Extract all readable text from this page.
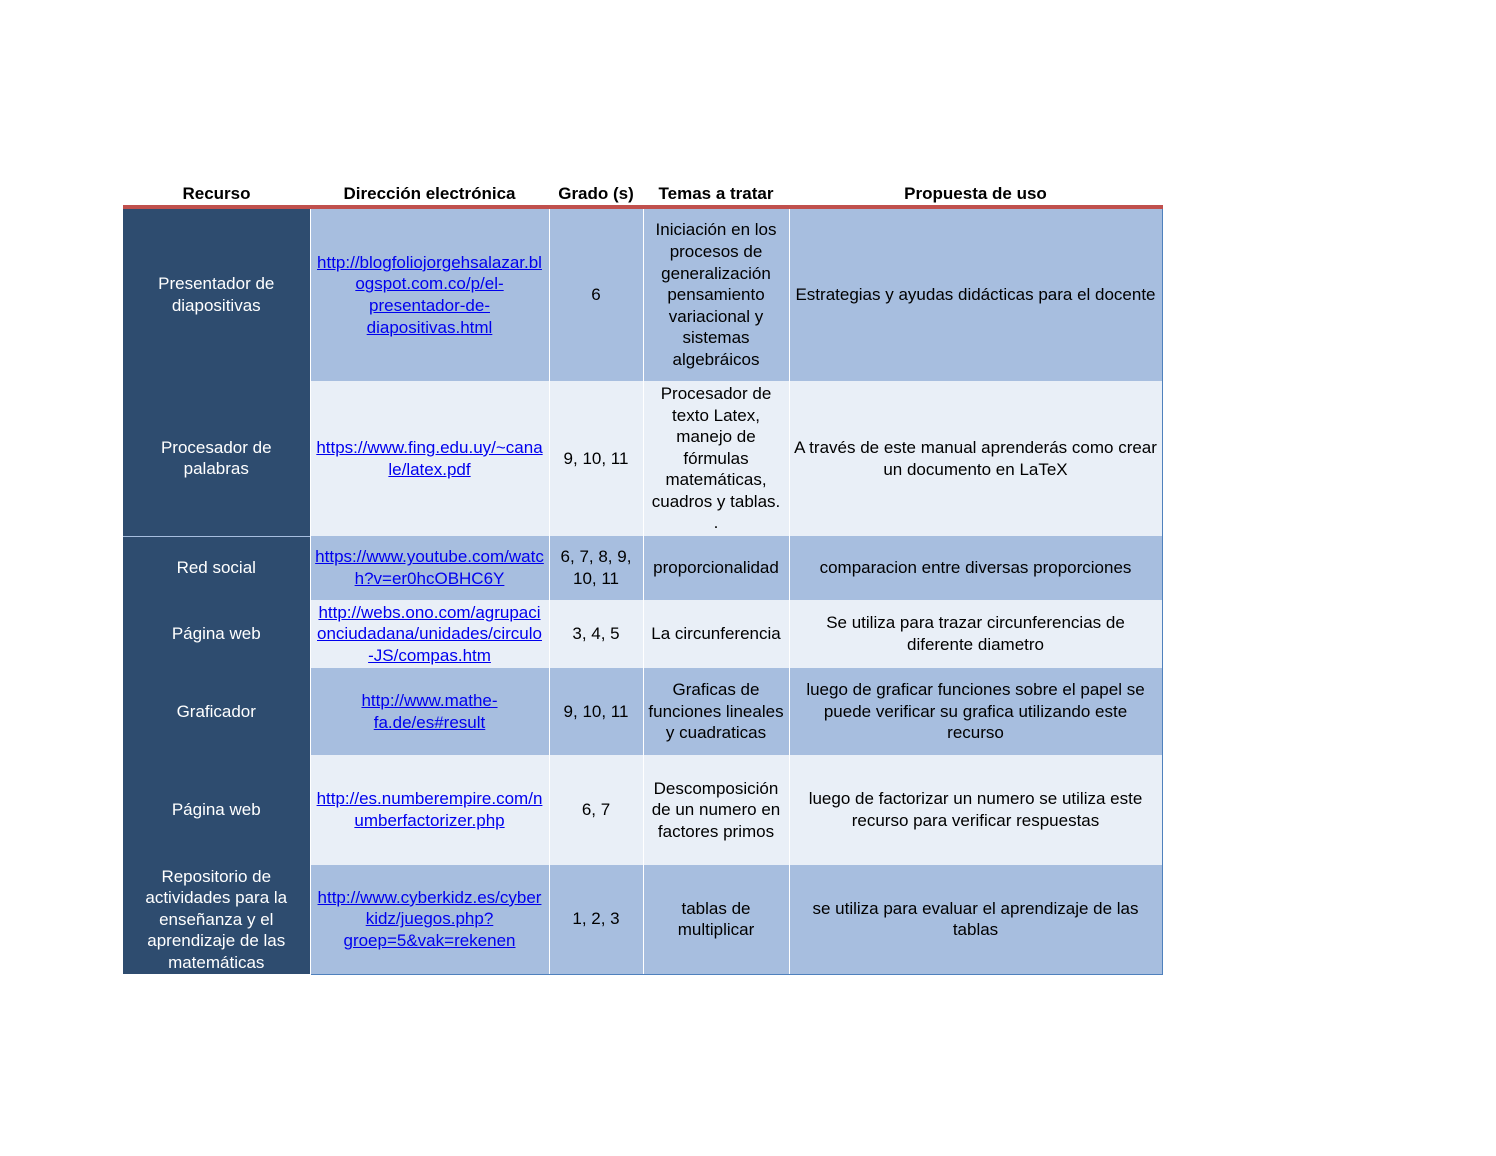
Recurso	Dirección electrónica	Grado (s)	Temas a tratar	Propuesta de uso
Presentador de diapositivas	http://blogfoliojorgehsalazar.blogspot.com.co/p/el-presentador-de-diapositivas.html	6	Iniciación en los procesos de generalización pensamiento variacional y sistemas algebráicos	Estrategias y ayudas didácticas para el docente
Procesador de palabras	https://www.fing.edu.uy/~canale/latex.pdf	9, 10, 11	Procesador de texto Latex, manejo de fórmulas matemáticas, cuadros y tablas. .	A través de este manual aprenderás como crear un documento en LaTeX
Red social	https://www.youtube.com/watch?v=er0hcOBHC6Y	6, 7, 8, 9, 10, 11	proporcionalidad	comparacion entre diversas proporciones
Página web	http://webs.ono.com/agrupacionciudadana/unidades/circulo-JS/compas.htm	3, 4, 5	La circunferencia	Se utiliza para trazar circunferencias de diferente diametro
Graficador	http://www.mathe-fa.de/es#result	9, 10, 11	Graficas de funciones lineales y cuadraticas	luego de graficar funciones sobre el papel se puede verificar su grafica utilizando este recurso
Página web	http://es.numberempire.com/numberfactorizer.php	6, 7	Descomposición de un numero en factores primos	luego de factorizar un numero se utiliza este recurso para verificar respuestas
Repositorio de actividades para la enseñanza y el aprendizaje de las matemáticas	http://www.cyberkidz.es/cyberkidz/juegos.php?groep=5&vak=rekenen	1, 2, 3	tablas de multiplicar	se utiliza para evaluar el aprendizaje de las tablas
